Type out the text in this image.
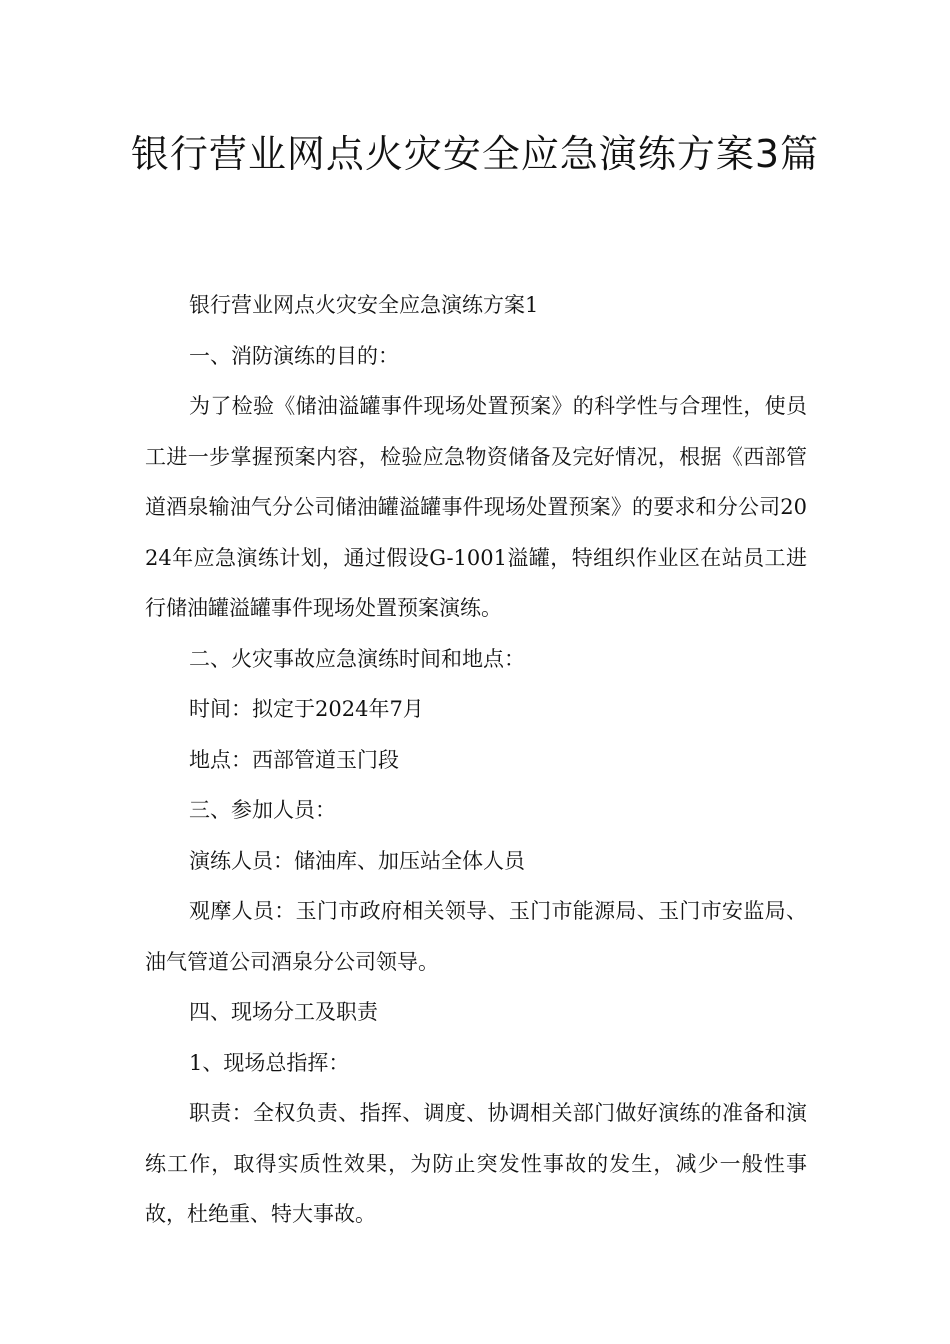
银行营业网点火灾安全应急演练方案3篇

银行营业网点火灾安全应急演练方案1

一、消防演练的目的：

为了检验《储油溢罐事件现场处置预案》的科学性与合理性，使员工进一步掌握预案内容，检验应急物资储备及完好情况，根据《西部管道酒泉输油气分公司储油罐溢罐事件现场处置预案》的要求和分公司2024年应急演练计划，通过假设G-1001溢罐，特组织作业区在站员工进行储油罐溢罐事件现场处置预案演练。

二、火灾事故应急演练时间和地点：

时间：拟定于2024年7月

地点：西部管道玉门段

三、参加人员：

演练人员：储油库、加压站全体人员

观摩人员：玉门市政府相关领导、玉门市能源局、玉门市安监局、油气管道公司酒泉分公司领导。

四、现场分工及职责

1、现场总指挥：

职责：全权负责、指挥、调度、协调相关部门做好演练的准备和演练工作，取得实质性效果，为防止突发性事故的发生，减少一般性事故，杜绝重、特大事故。
